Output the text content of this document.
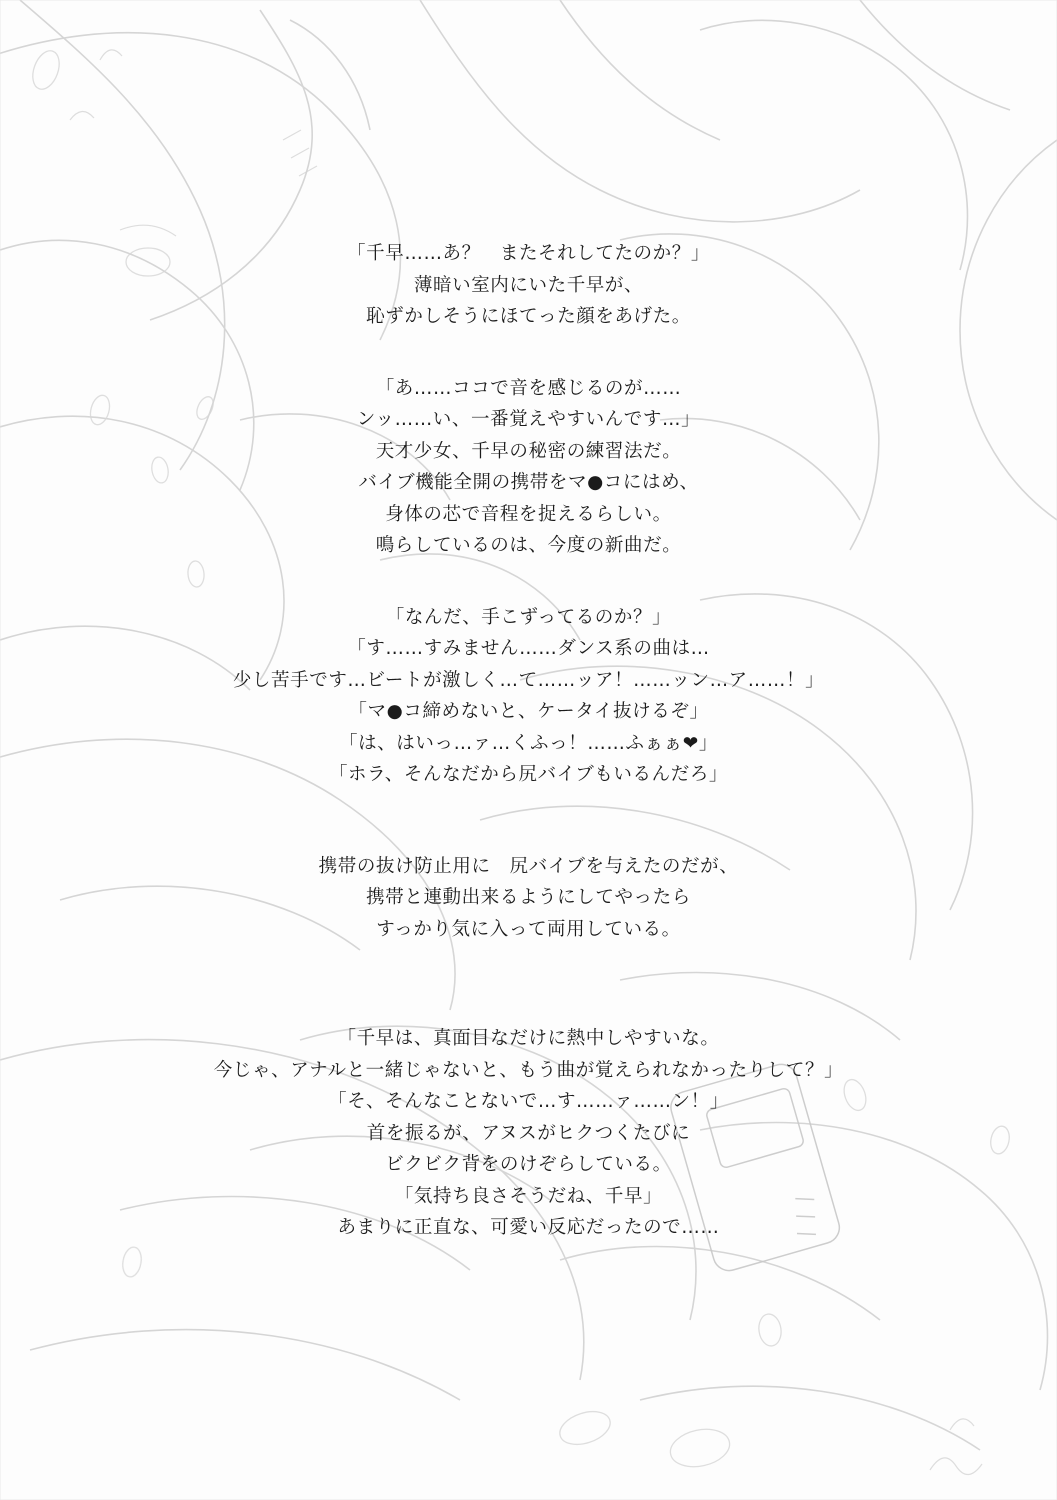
「千早……あ？　またそれしてたのか？」
薄暗い室内にいた千早が、
恥ずかしそうにほてった顔をあげた。
「あ……ココで音を感じるのが……
ンッ……い、一番覚えやすいんです…」
天才少女、千早の秘密の練習法だ。
バイブ機能全開の携帯をマ●コにはめ、
身体の芯で音程を捉えるらしい。
鳴らしているのは、今度の新曲だ。
「なんだ、手こずってるのか？」
「す……すみません……ダンス系の曲は…
少し苦手です…ビートが激しく…て……ッア！……ッン…ア……！」
「マ●コ締めないと、ケータイ抜けるぞ」
「は、はいっ…ァ…くふっ！……ふぁぁ❤」
「ホラ、そんなだから尻バイブもいるんだろ」
携帯の抜け防止用に　尻バイブを与えたのだが、
携帯と連動出来るようにしてやったら
すっかり気に入って両用している。
「千早は、真面目なだけに熱中しやすいな。
今じゃ、アナルと一緒じゃないと、もう曲が覚えられなかったりして？」
「そ、そんなことないで…す……ァ……ン！」
首を振るが、アヌスがヒクつくたびに
ビクビク背をのけぞらしている。
「気持ち良さそうだね、千早」
あまりに正直な、可愛い反応だったので……
